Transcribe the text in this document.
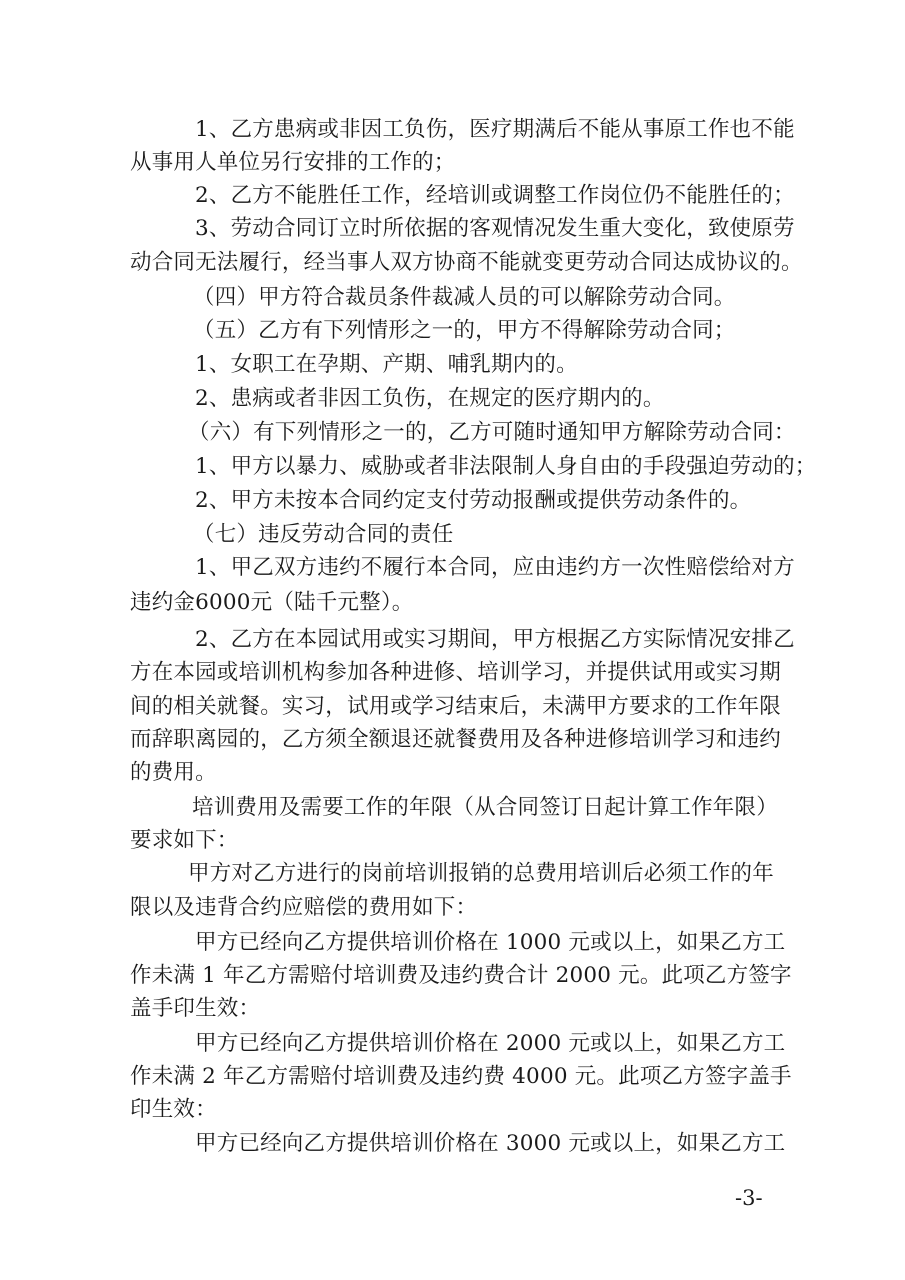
1、乙方患病或非因工负伤，医疗期满后不能从事原工作也不能
从事用人单位另行安排的工作的；
2、乙方不能胜任工作，经培训或调整工作岗位仍不能胜任的；
3、劳动合同订立时所依据的客观情况发生重大变化，致使原劳
动合同无法履行，经当事人双方协商不能就变更劳动合同达成协议的。
（四）甲方符合裁员条件裁减人员的可以解除劳动合同。
（五）乙方有下列情形之一的，甲方不得解除劳动合同；
1、女职工在孕期、产期、哺乳期内的。
2、患病或者非因工负伤，在规定的医疗期内的。
（六）有下列情形之一的，乙方可随时通知甲方解除劳动合同：
1、甲方以暴力、威胁或者非法限制人身自由的手段强迫劳动的；
2、甲方未按本合同约定支付劳动报酬或提供劳动条件的。
（七）违反劳动合同的责任
1、甲乙双方违约不履行本合同，应由违约方一次性赔偿给对方
违约金6000元（陆千元整）。
2、乙方在本园试用或实习期间，甲方根据乙方实际情况安排乙
方在本园或培训机构参加各种进修、培训学习，并提供试用或实习期
间的相关就餐。实习，试用或学习结束后，未满甲方要求的工作年限
而辞职离园的，乙方须全额退还就餐费用及各种进修培训学习和违约
的费用。
培训费用及需要工作的年限（从合同签订日起计算工作年限）
要求如下：
甲方对乙方进行的岗前培训报销的总费用培训后必须工作的年
限以及违背合约应赔偿的费用如下：
甲方已经向乙方提供培训价格在 1000 元或以上，如果乙方工
作未满 1 年乙方需赔付培训费及违约费合计 2000 元。此项乙方签字
盖手印生效：
甲方已经向乙方提供培训价格在 2000 元或以上，如果乙方工
作未满 2 年乙方需赔付培训费及违约费 4000 元。此项乙方签字盖手
印生效：
甲方已经向乙方提供培训价格在 3000 元或以上，如果乙方工
-3-
